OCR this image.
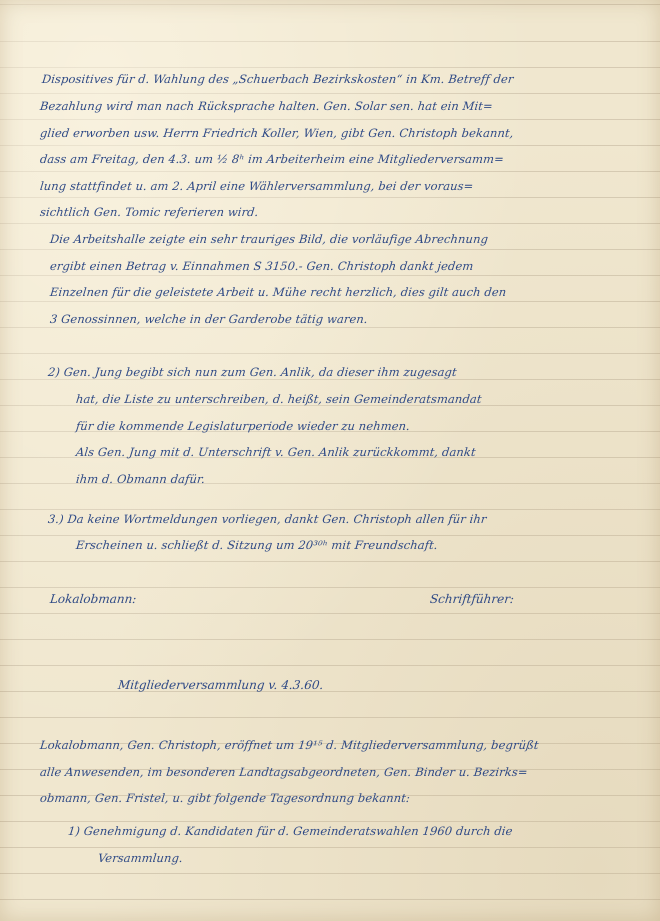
Dispositives für d. Wahlung des „Schuerbach Bezirkskosten“ in Km. Betreff der

Bezahlung wird man nach Rücksprache halten. Gen. Solar sen. hat ein Mit=

glied erworben usw. Herrn Friedrich Koller, Wien, gibt Gen. Christoph bekannt,

dass am Freitag, den 4.3. um ½ 8ʰ im Arbeiterheim eine Mitgliederversamm=

lung stattfindet u. am 2. April eine Wählerversammlung, bei der voraus=

sichtlich Gen. Tomic referieren wird.

Die Arbeitshalle zeigte ein sehr trauriges Bild, die vorläufige Abrechnung

ergibt einen Betrag v. Einnahmen S 3150.- Gen. Christoph dankt jedem

Einzelnen für die geleistete Arbeit u. Mühe recht herzlich, dies gilt auch den

3 Genossinnen, welche in der Garderobe tätig waren.

2) Gen. Jung begibt sich nun zum Gen. Anlik, da dieser ihm zugesagt

hat, die Liste zu unterschreiben, d. heißt, sein Gemeinderatsmandat

für die kommende Legislaturperiode wieder zu nehmen.

Als Gen. Jung mit d. Unterschrift v. Gen. Anlik zurückkommt, dankt

ihm d. Obmann dafür.

3.) Da keine Wortmeldungen vorliegen, dankt Gen. Christoph allen für ihr

Erscheinen u. schließt d. Sitzung um 20³⁰ʰ mit Freundschaft.

Lokalobmann:	Schriftführer:
Mitgliederversammlung v. 4.3.60.

Lokalobmann, Gen. Christoph, eröffnet um 19¹⁵ d. Mitgliederversammlung, begrüßt

alle Anwesenden, im besonderen Landtagsabgeordneten, Gen. Binder u. Bezirks=

obmann, Gen. Fristel, u. gibt folgende Tagesordnung bekannt:

1) Genehmigung d. Kandidaten für d. Gemeinderatswahlen 1960 durch die

Versammlung.
